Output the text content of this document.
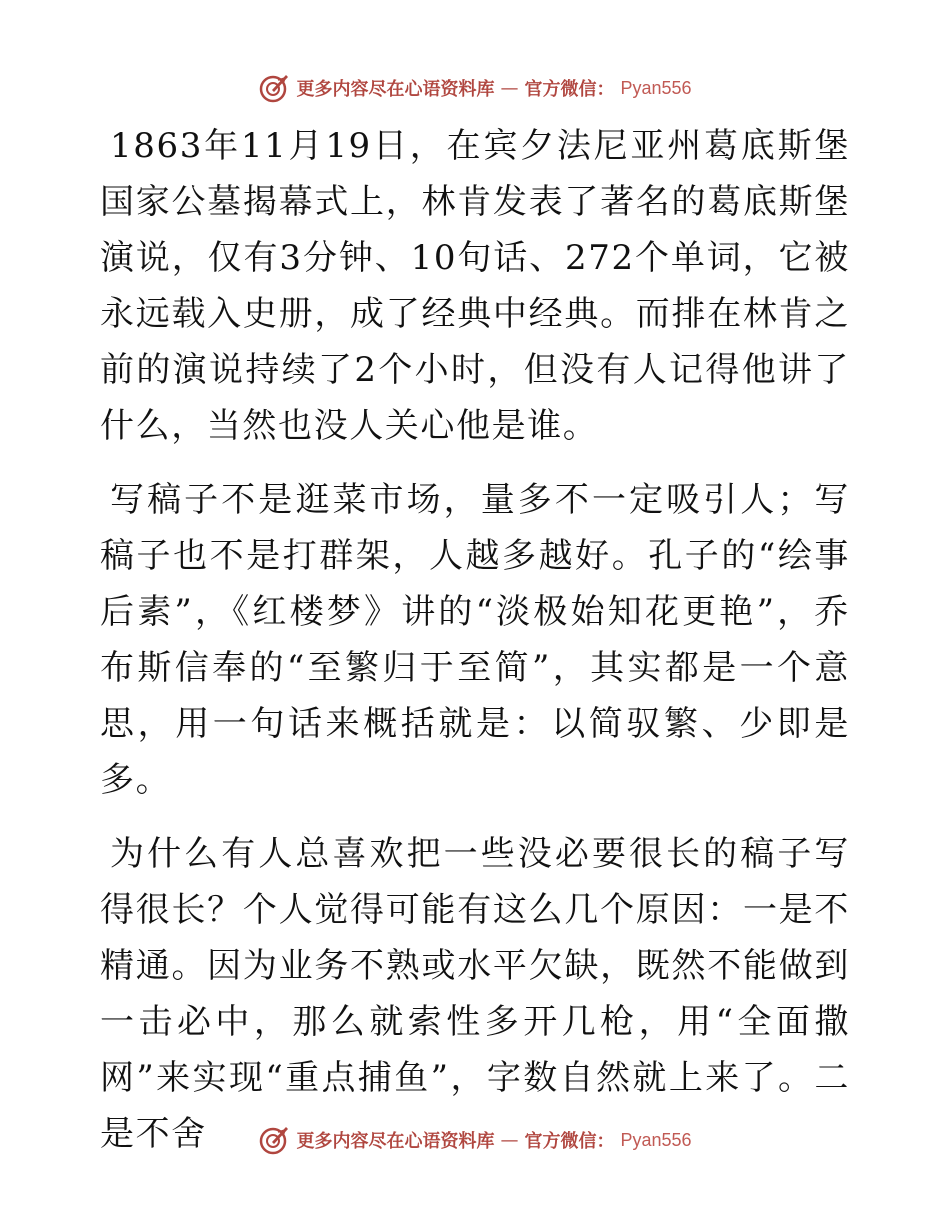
更多内容尽在心语资料库 — 官方微信： Pyan556

1863年11月19日，在宾夕法尼亚州葛底斯堡国家公墓揭幕式上，林肯发表了著名的葛底斯堡演说，仅有3分钟、10句话、272个单词，它被永远载入史册，成了经典中经典。而排在林肯之前的演说持续了2个小时，但没有人记得他讲了什么，当然也没人关心他是谁。

写稿子不是逛菜市场，量多不一定吸引人；写稿子也不是打群架，人越多越好。孔子的“绘事后素”，《红楼梦》讲的“淡极始知花更艳”，乔布斯信奉的“至繁归于至简”，其实都是一个意思，用一句话来概括就是：以简驭繁、少即是多。

为什么有人总喜欢把一些没必要很长的稿子写得很长？个人觉得可能有这么几个原因：一是不精通。因为业务不熟或水平欠缺，既然不能做到一击必中，那么就索性多开几枪，用“全面撒网”来实现“重点捕鱼”，字数自然就上来了。二是不舍	更多内容尽在心语资料库 — 官方微信： Pyan556
